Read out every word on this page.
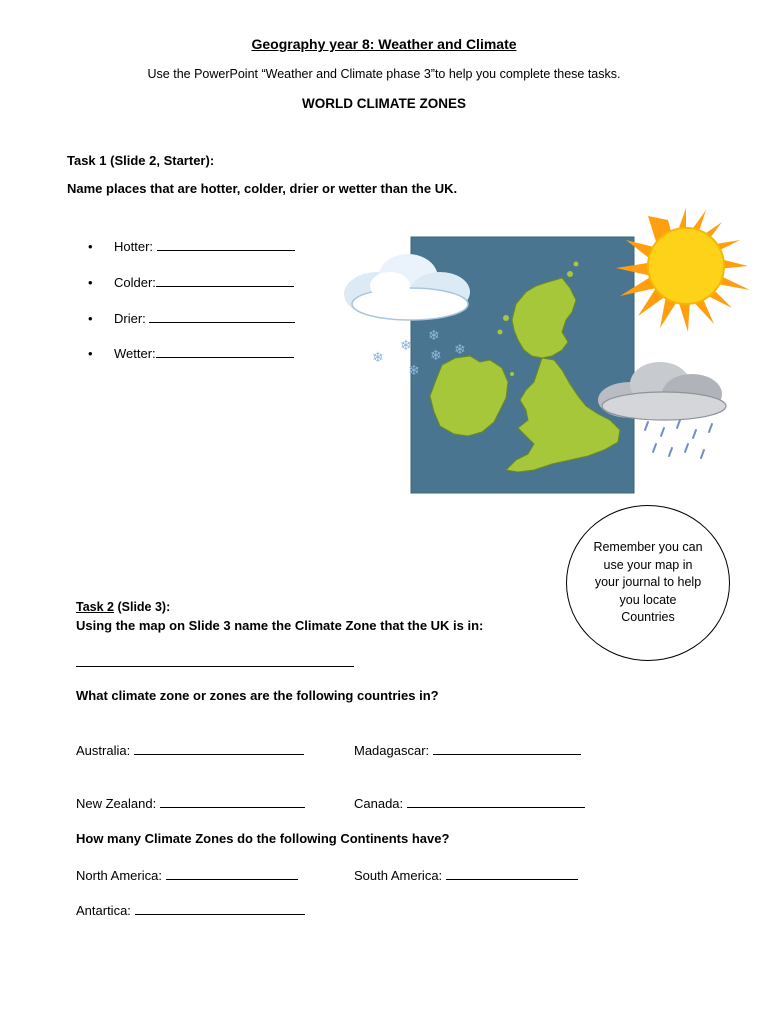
Geography year 8: Weather and Climate
Use the PowerPoint “Weather and Climate phase 3”to help you complete these tasks.
WORLD CLIMATE ZONES
Task 1 (Slide 2, Starter):
Name places that are hotter, colder, drier or wetter than the UK.
• Hotter:
• Colder:
• Drier:
• Wetter:	❄
❄
❄
❄
❄
❄
Remember you can use your map in your journal to help you locate Countries
Task 2 (Slide 3):
Using the map on Slide 3 name the Climate Zone that the UK is in:
What climate zone or zones are the following countries in?
Australia:	Madagascar:
New Zealand:	Canada:
How many Climate Zones do the following Continents have?
North America:	South America:
Antartica:
